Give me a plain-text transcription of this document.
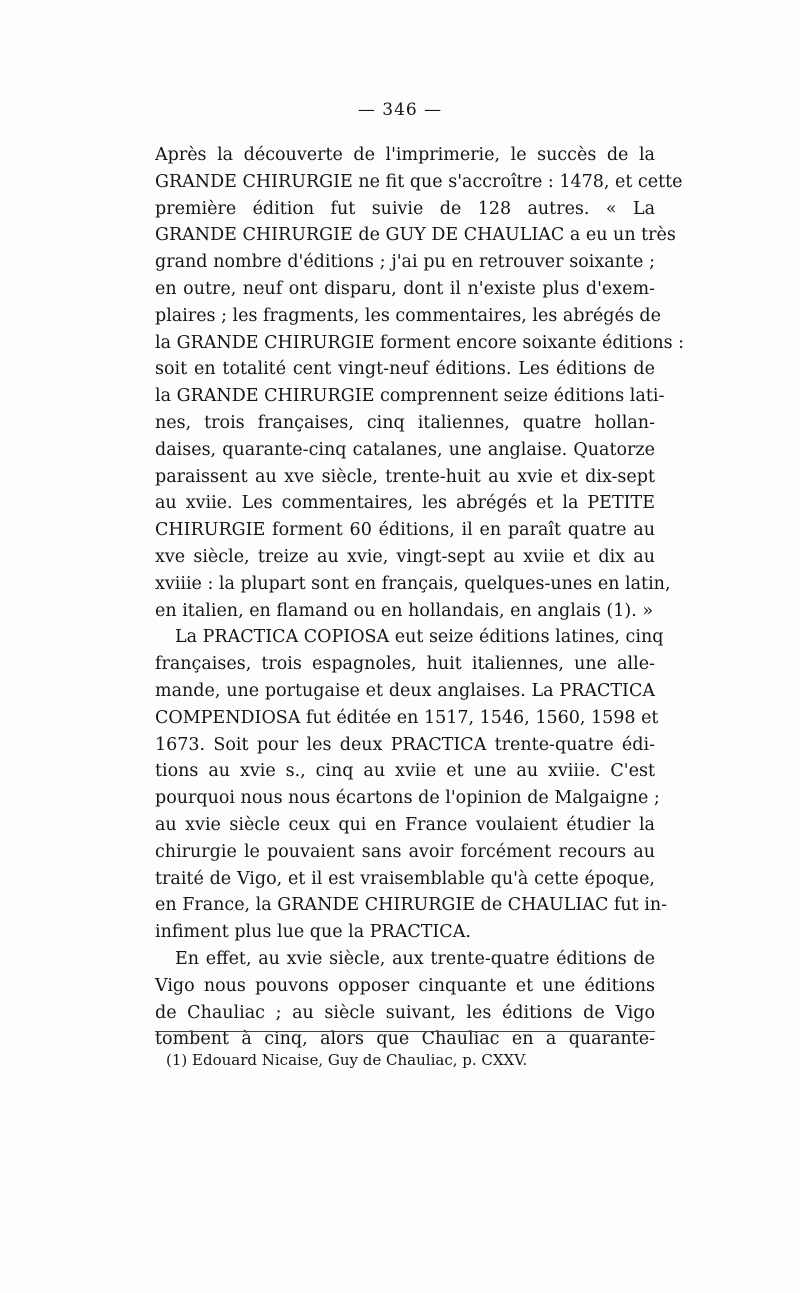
— 346 —
Après la découverte de l'imprimerie, le succès de la
GRANDE CHIRURGIE ne fit que s'accroître : 1478, et cette
première édition fut suivie de 128 autres. « La
GRANDE CHIRURGIE de GUY DE CHAULIAC a eu un très
grand nombre d'éditions ; j'ai pu en retrouver soixante ;
en outre, neuf ont disparu, dont il n'existe plus d'exem-
plaires ; les fragments, les commentaires, les abrégés de
la GRANDE CHIRURGIE forment encore soixante éditions :
soit en totalité cent vingt-neuf éditions. Les éditions de
la GRANDE CHIRURGIE comprennent seize éditions lati-
nes, trois françaises, cinq italiennes, quatre hollan-
daises, quarante-cinq catalanes, une anglaise. Quatorze
paraissent au xve siècle, trente-huit au xvie et dix-sept
au xviie. Les commentaires, les abrégés et la PETITE
CHIRURGIE forment 60 éditions, il en paraît quatre au
xve siècle, treize au xvie, vingt-sept au xviie et dix au
xviiie : la plupart sont en français, quelques-unes en latin,
en italien, en flamand ou en hollandais, en anglais (1). »
La PRACTICA COPIOSA eut seize éditions latines, cinq
françaises, trois espagnoles, huit italiennes, une alle-
mande, une portugaise et deux anglaises. La PRACTICA
COMPENDIOSA fut éditée en 1517, 1546, 1560, 1598 et
1673. Soit pour les deux PRACTICA trente-quatre édi-
tions au xvie s., cinq au xviie et une au xviiie. C'est
pourquoi nous nous écartons de l'opinion de Malgaigne ;
au xvie siècle ceux qui en France voulaient étudier la
chirurgie le pouvaient sans avoir forcément recours au
traité de Vigo, et il est vraisemblable qu'à cette époque,
en France, la GRANDE CHIRURGIE de CHAULIAC fut in-
infiment plus lue que la PRACTICA.
En effet, au xvie siècle, aux trente-quatre éditions de
Vigo nous pouvons opposer cinquante et une éditions
de Chauliac ; au siècle suivant, les éditions de Vigo
tombent à cinq, alors que Chauliac en a quarante-
(1) Edouard Nicaise, Guy de Chauliac, p. CXXV.
